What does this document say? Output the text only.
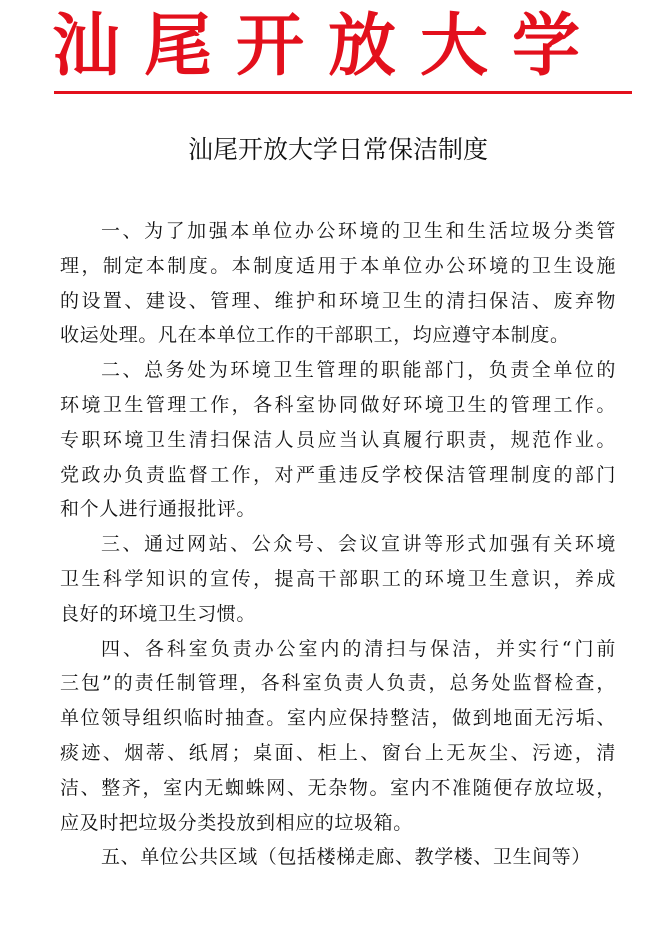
汕尾开放大学
汕尾开放大学日常保洁制度
一、为了加强本单位办公环境的卫生和生活垃圾分类管
理，制定本制度。本制度适用于本单位办公环境的卫生设施
的设置、建设、管理、维护和环境卫生的清扫保洁、废弃物
收运处理。凡在本单位工作的干部职工，均应遵守本制度。
二、总务处为环境卫生管理的职能部门，负责全单位的
环境卫生管理工作，各科室协同做好环境卫生的管理工作。
专职环境卫生清扫保洁人员应当认真履行职责，规范作业。
党政办负责监督工作，对严重违反学校保洁管理制度的部门
和个人进行通报批评。
三、通过网站、公众号、会议宣讲等形式加强有关环境
卫生科学知识的宣传，提高干部职工的环境卫生意识，养成
良好的环境卫生习惯。
四、各科室负责办公室内的清扫与保洁，并实行“门前
三包”的责任制管理，各科室负责人负责，总务处监督检查，
单位领导组织临时抽查。室内应保持整洁，做到地面无污垢、
痰迹、烟蒂、纸屑；桌面、柜上、窗台上无灰尘、污迹，清
洁、整齐，室内无蜘蛛网、无杂物。室内不准随便存放垃圾，
应及时把垃圾分类投放到相应的垃圾箱。
五、单位公共区域（包括楼梯走廊、教学楼、卫生间等）
